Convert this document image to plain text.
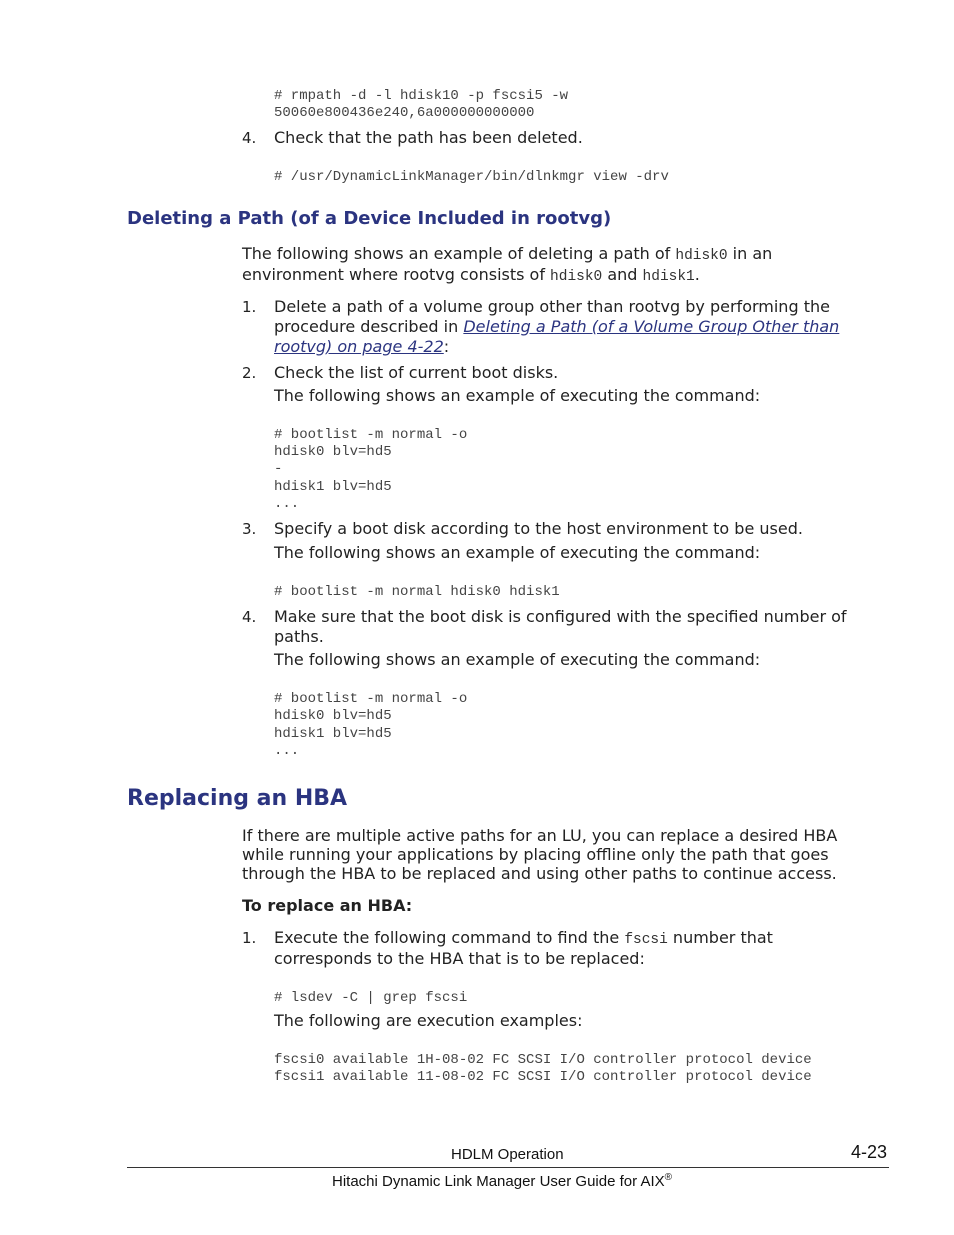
# rmpath -d -l hdisk10 -p fscsi5 -w
50060e800436e240,6a000000000000
4. Check that the path has been deleted.
# /usr/DynamicLinkManager/bin/dlnkmgr view -drv
Deleting a Path (of a Device Included in rootvg)
The following shows an example of deleting a path of hdisk0 in an
environment where rootvg consists of hdisk0 and hdisk1.
1. Delete a path of a volume group other than rootvg by performing the
procedure described in Deleting a Path (of a Volume Group Other than
rootvg) on page 4-22:
2. Check the list of current boot disks.
The following shows an example of executing the command:
# bootlist -m normal -o
hdisk0 blv=hd5
-
hdisk1 blv=hd5
...
3. Specify a boot disk according to the host environment to be used.
The following shows an example of executing the command:
# bootlist -m normal hdisk0 hdisk1
4. Make sure that the boot disk is configured with the specified number of
paths.
The following shows an example of executing the command:
# bootlist -m normal -o
hdisk0 blv=hd5
hdisk1 blv=hd5
...
Replacing an HBA
If there are multiple active paths for an LU, you can replace a desired HBA
while running your applications by placing offline only the path that goes
through the HBA to be replaced and using other paths to continue access.
To replace an HBA:
1. Execute the following command to find the fscsi number that
corresponds to the HBA that is to be replaced:
# lsdev -C | grep fscsi
The following are execution examples:
fscsi0 available 1H-08-02 FC SCSI I/O controller protocol device
fscsi1 available 11-08-02 FC SCSI I/O controller protocol device
HDLM Operation	4-23
Hitachi Dynamic Link Manager User Guide for AIX®
